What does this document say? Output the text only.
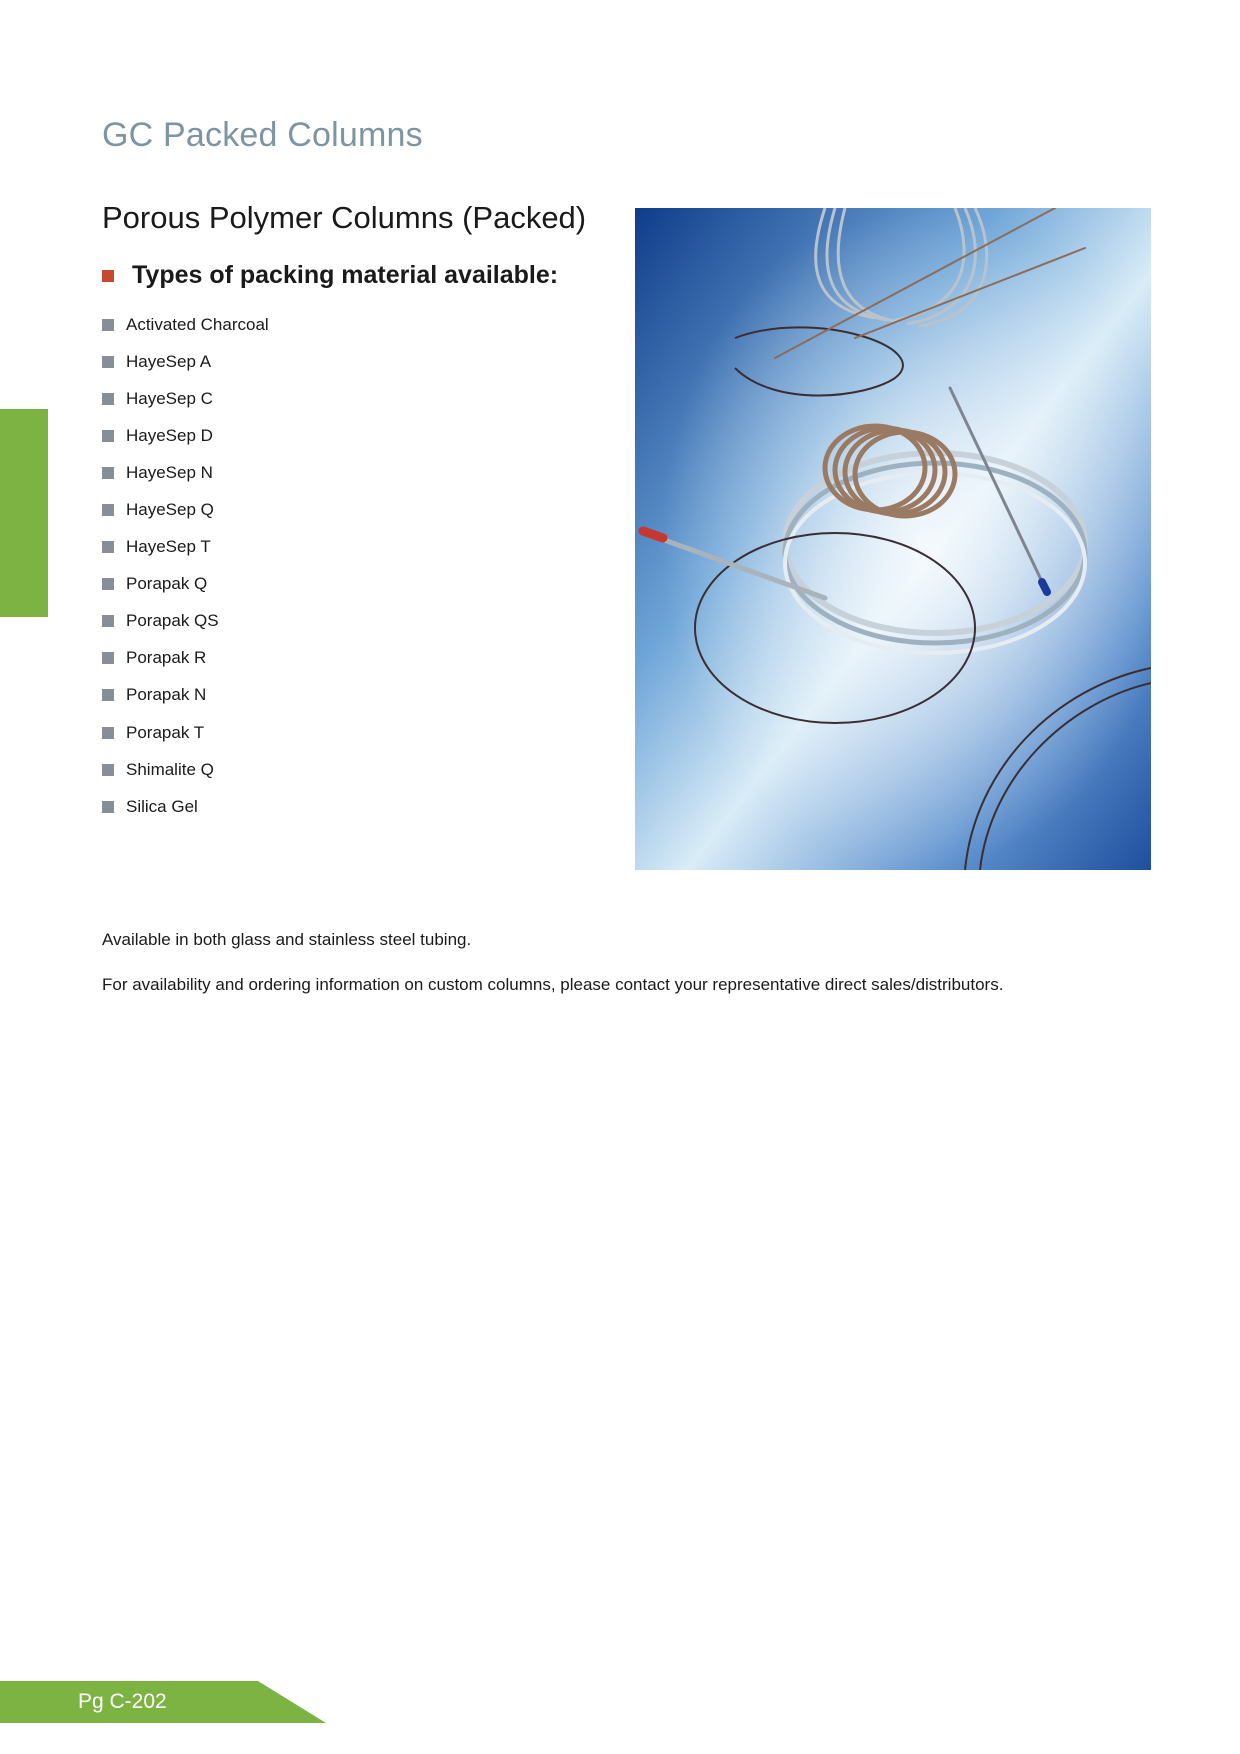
GC Packed Columns
Porous Polymer Columns (Packed)
Types of packing material available:
Activated Charcoal
HayeSep A
HayeSep C
HayeSep D
HayeSep N
HayeSep Q
HayeSep T
Porapak Q
Porapak QS
Porapak R
Porapak N
Porapak T
Shimalite Q
Silica Gel

Available in both glass and stainless steel tubing.

For availability and ordering information on custom columns, please contact your representative direct sales/distributors.

Pg C-202
